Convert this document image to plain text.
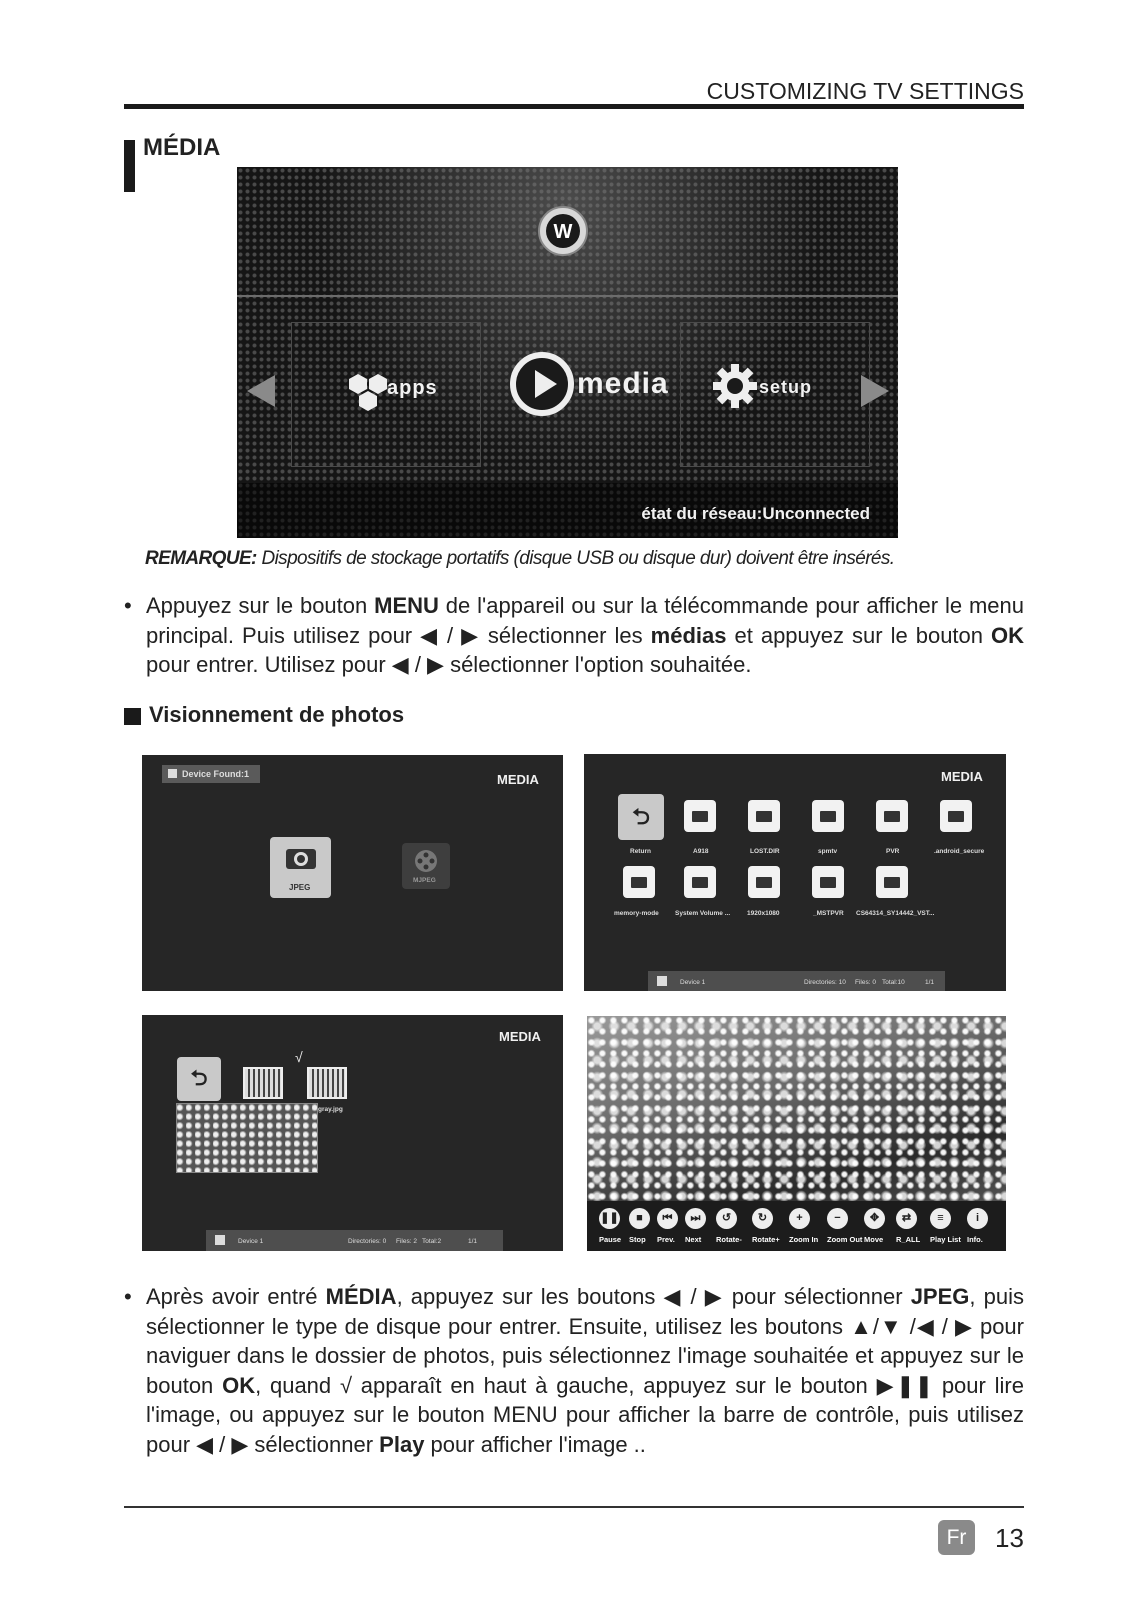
CUSTOMIZING TV SETTINGS
MÉDIA
W
apps	media	setup
état du réseau:Unconnected
REMARQUE: Dispositifs de stockage portatifs (disque USB ou disque dur) doivent être insérés.
• Appuyez sur le bouton MENU de l'appareil ou sur la télécommande pour afficher le menu principal. Puis utilisez pour ◀ / ▶ sélectionner les médias et appuyez sur le bouton OK pour entrer. Utilisez pour ◀ / ▶ sélectionner l'option souhaitée.
Visionnement de photos
Device Found:1	MEDIA
JPEG
MJPEG
MEDIA
⮌
Return	A918	LOST.DIR	spmtv	PVR	.android_secure
memory-mode System Volume ...	1920x1080	_MSTPVR CS64314_SY14442_VST...
Device 1	Directories: 10 Files: 0 Total:10	1/1
MEDIA
⮌
√
gray.jpg
Device 1	Directories: 0 Files: 2 Total:2	1/1
❚❚
Pause
■
Stop
⏮
Prev.
⏭
Next
↺
Rotate-
↻
Rotate+
+
Zoom In
−
Zoom Out
✥
Move
⇄
R_ALL
≡
Play List
i
Info.
• Après avoir entré MÉDIA, appuyez sur les boutons ◀ / ▶ pour sélectionner JPEG, puis sélectionner le type de disque pour entrer. Ensuite, utilisez les boutons ▲/▼ /◀ / ▶ pour naviguer dans le dossier de photos, puis sélectionnez l'image souhaitée et appuyez sur le bouton OK, quand √ apparaît en haut à gauche, appuyez sur le bouton ▶❚❚ pour lire l'image, ou appuyez sur le bouton MENU pour afficher la barre de contrôle, puis utilisez pour ◀ / ▶ sélectionner Play pour afficher l'image ..
Fr	13
